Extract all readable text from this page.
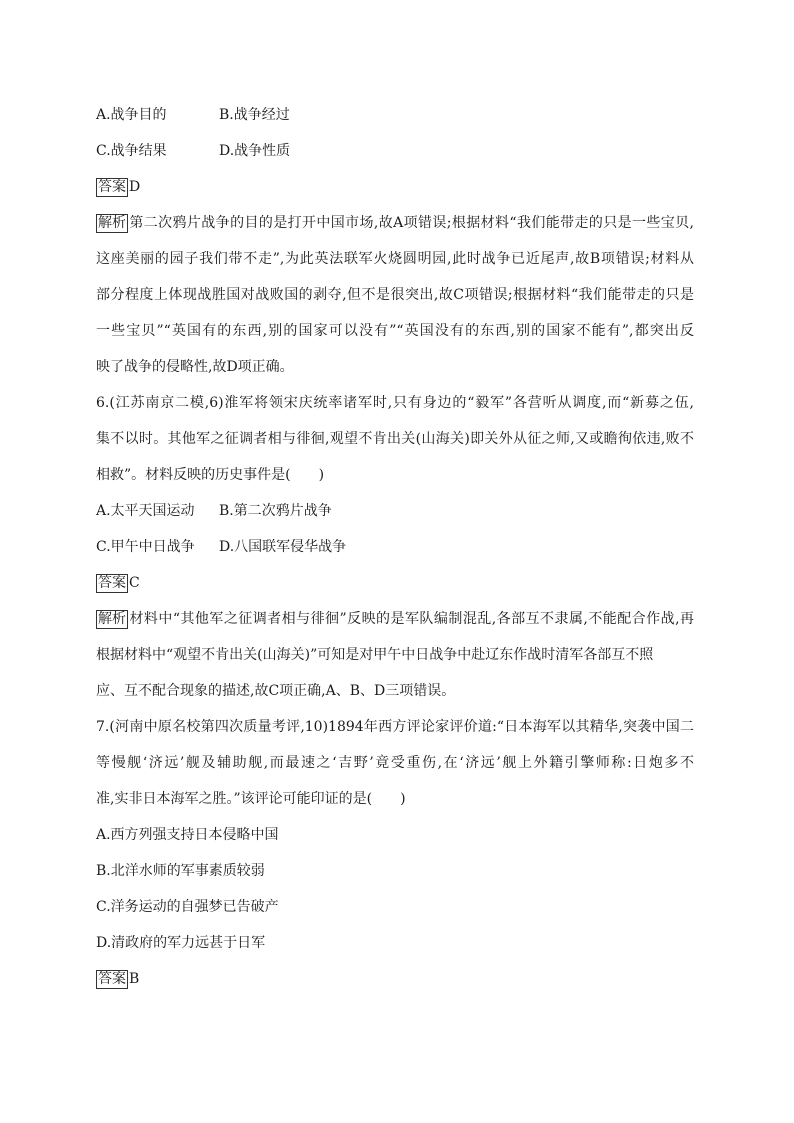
A.战争目的	B.战争经过
C.战争结果	D.战争性质
答案 D
解析 第二次鸦片战争的目的是打开中国市场,故A项错误;根据材料“我们能带走的只是一些宝贝,
这座美丽的园子我们带不走”,为此英法联军火烧圆明园,此时战争已近尾声,故B项错误;材料从
部分程度上体现战胜国对战败国的剥夺,但不是很突出,故C项错误;根据材料“我们能带走的只是
一些宝贝”“英国有的东西,别的国家可以没有”“英国没有的东西,别的国家不能有”,都突出反
映了战争的侵略性,故D项正确。
6.(江苏南京二模,6)淮军将领宋庆统率诸军时,只有身边的“毅军”各营听从调度,而“新募之伍,
集不以时。其他军之征调者相与徘徊,观望不肯出关(山海关)即关外从征之师,又或瞻徇依违,败不
相救”。材料反映的历史事件是(　　)
A.太平天国运动 B.第二次鸦片战争
C.甲午中日战争 D.八国联军侵华战争
答案 C
解析 材料中“其他军之征调者相与徘徊”反映的是军队编制混乱,各部互不隶属,不能配合作战,再
根据材料中“观望不肯出关(山海关)”可知是对甲午中日战争中赴辽东作战时清军各部互不照
应、互不配合现象的描述,故C项正确,A、B、D三项错误。
7.(河南中原名校第四次质量考评,10)1894年西方评论家评价道:“日本海军以其精华,突袭中国二
等慢舰‘济远’舰及辅助舰,而最速之‘吉野’竟受重伤,在‘济远’舰上外籍引擎师称:日炮多不
准,实非日本海军之胜。”该评论可能印证的是(　　)
A.西方列强支持日本侵略中国
B.北洋水师的军事素质较弱
C.洋务运动的自强梦已告破产
D.清政府的军力远甚于日军
答案 B
